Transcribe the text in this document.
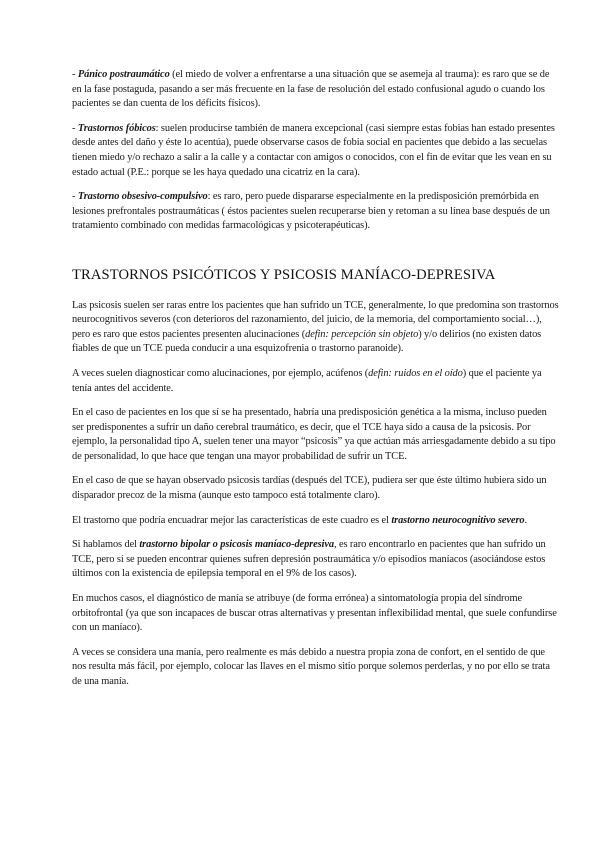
- Pánico postraumático (el miedo de volver a enfrentarse a una situación que se asemeja al trauma): es raro que se de en la fase postaguda, pasando a ser más frecuente en la fase de resolución del estado confusional agudo o cuando los pacientes se dan cuenta de los déficits físicos).

- Trastornos fóbicos: suelen producirse también de manera excepcional (casi siempre estas fobias han estado presentes desde antes del daño y éste lo acentúa), puede observarse casos de fobia social en pacientes que debido a las secuelas tienen miedo y/o rechazo a salir a la calle y a contactar con amigos o conocidos, con el fin de evitar que les vean en su estado actual (P.E.: porque se les haya quedado una cicatriz en la cara).

- Trastorno obsesivo-compulsivo: es raro, pero puede dispararse especialmente en la predisposición premórbida en lesiones prefrontales postraumáticas ( éstos pacientes suelen recuperarse bien y retoman a su línea base después de un tratamiento combinado con medidas farmacológicas y psicoterapéuticas).

TRASTORNOS PSICÓTICOS Y PSICOSIS MANÍACO-DEPRESIVA

Las psicosis suelen ser raras entre los pacientes que han sufrido un TCE, generalmente, lo que predomina son trastornos neurocognitivos severos (con deterioros del razonamiento, del juicio, de la memoria, del comportamiento social…), pero es raro que estos pacientes presenten alucinaciones (defin: percepción sin objeto) y/o delirios (no existen datos fiables de que un TCE pueda conducir a una esquizofrenia o trastorno paranoide).

A veces suelen diagnosticar como alucinaciones, por ejemplo, acúfenos (defin: ruidos en el oído) que el paciente ya tenía antes del accidente.

En el caso de pacientes en los que sí se ha presentado, habría una predisposición genética a la misma, incluso pueden ser predisponentes a sufrir un daño cerebral traumático, es decir, que el TCE haya sido a causa de la psicosis. Por ejemplo, la personalidad tipo A, suelen tener una mayor “psicosis” ya que actúan más arriesgadamente debido a su tipo de personalidad, lo que hace que tengan una mayor probabilidad de sufrir un TCE.

En el caso de que se hayan observado psicosis tardías (después del TCE), pudiera ser que éste último hubiera sido un disparador precoz de la misma (aunque esto tampoco está totalmente claro).

El trastorno que podría encuadrar mejor las características de este cuadro es el trastorno neurocognitivo severo.

Si hablamos del trastorno bipolar o psicosis maníaco-depresiva, es raro encontrarlo en pacientes que han sufrido un TCE, pero sí se pueden encontrar quienes sufren depresión postraumática y/o episodios maníacos (asociándose estos últimos con la existencia de epilepsia temporal en el 9% de los casos).

En muchos casos, el diagnóstico de manía se atribuye (de forma errónea) a sintomatología propia del síndrome orbitofrontal (ya que son incapaces de buscar otras alternativas y presentan inflexibilidad mental, que suele confundirse con un maníaco).

A veces se considera una manía, pero realmente es más debido a nuestra propia zona de confort, en el sentido de que nos resulta más fácil, por ejemplo, colocar las llaves en el mismo sitio porque solemos perderlas, y no por ello se trata de una manía.
